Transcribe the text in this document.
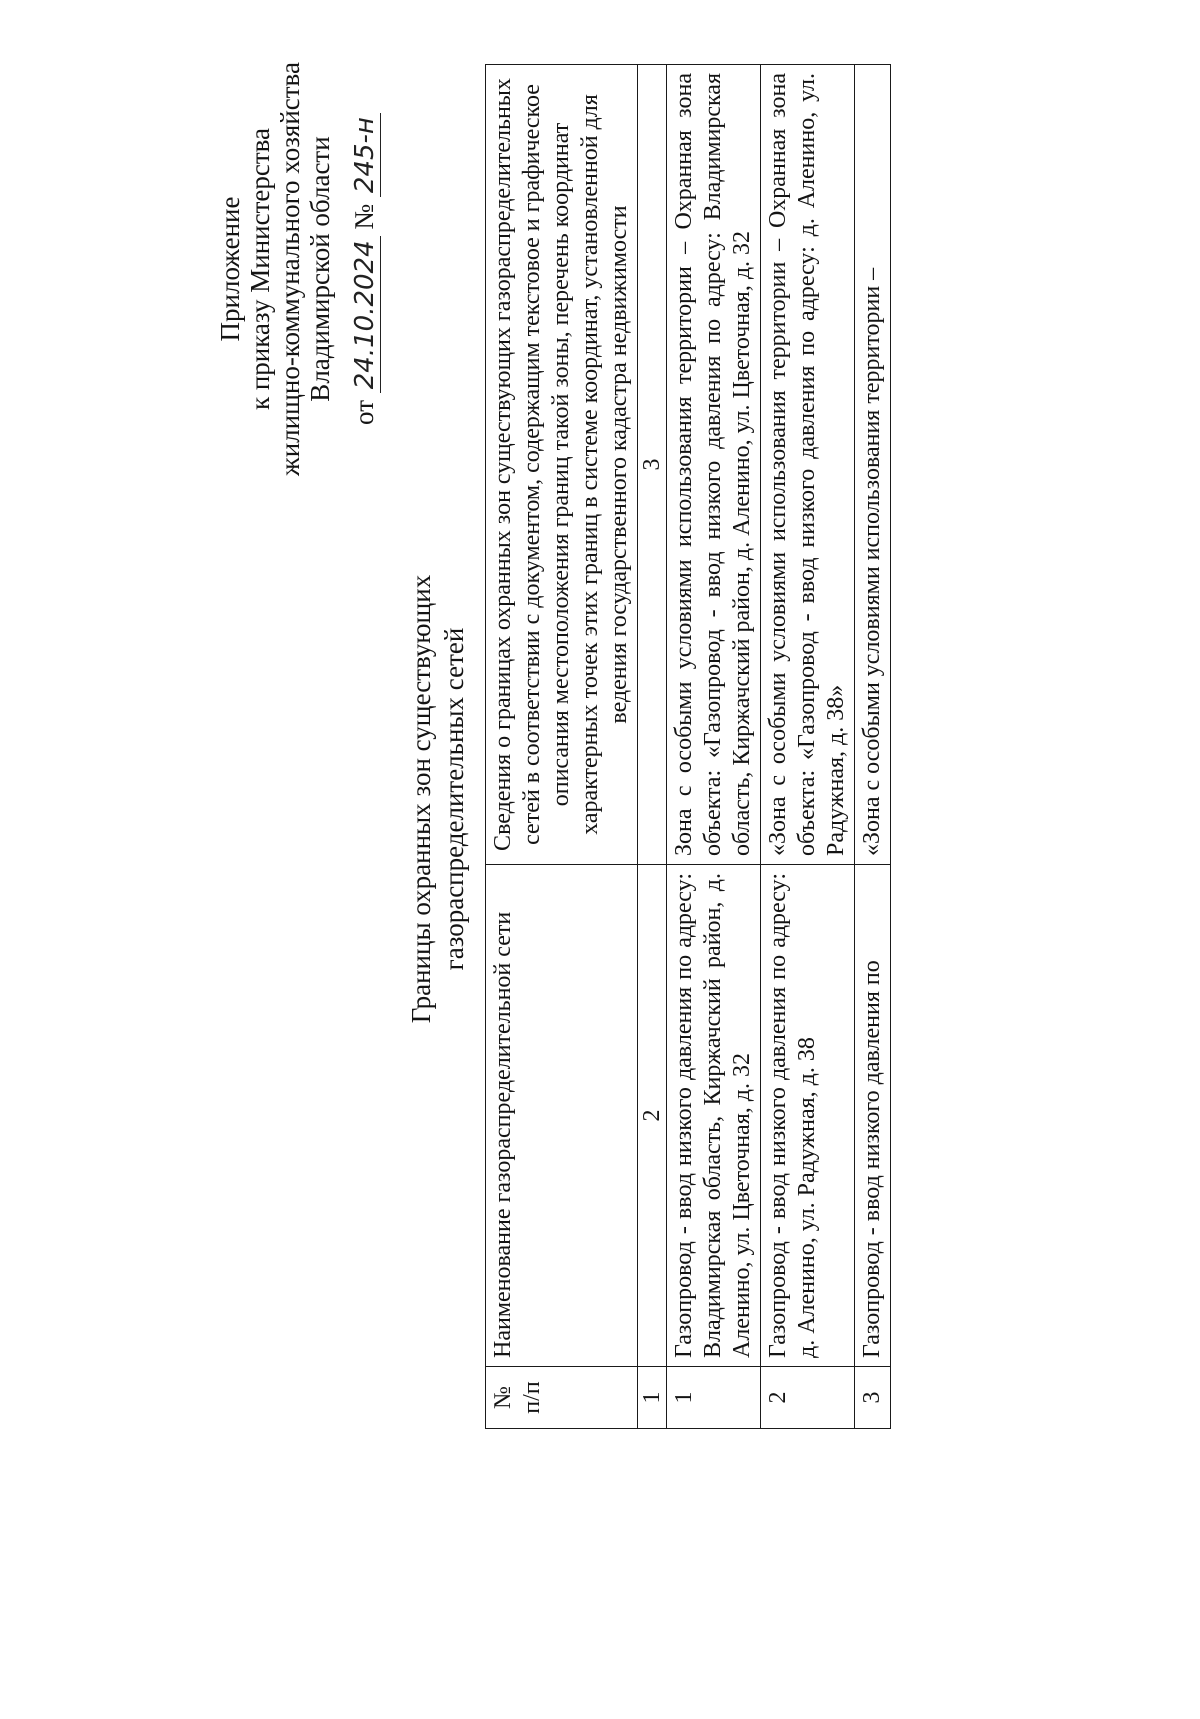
Приложение к приказу Министерства жилищно-коммунального хозяйства Владимирской области
от 24.10.2024 № 245-н
Границы охранных зон существующих газораспределительных сетей
№ п/п	Наименование газораспределительной сети	Сведения о границах охранных зон существующих газораспределительных сетей в соответствии с документом, содержащим текстовое и графическое описания местоположения границ такой зоны, перечень координат характерных точек этих границ в системе координат, установленной для ведения государственного кадастра недвижимости
1	2	3
1	Газопровод - ввод низкого давления по адресу: Владимирская область, Киржачский район, д. Аленино, ул. Цветочная, д. 32	Зона с особыми условиями использования территории – Охранная зона объекта: «Газопровод - ввод низкого давления по адресу: Владимирская область, Киржачский район, д. Аленино, ул. Цветочная, д. 32
2	Газопровод - ввод низкого давления по адресу: д. Аленино, ул. Радужная, д. 38	«Зона с особыми условиями использования территории – Охранная зона объекта: «Газопровод - ввод низкого давления по адресу: д. Аленино, ул. Радужная, д. 38»
3	Газопровод - ввод низкого давления по	«Зона с особыми условиями использования территории –
